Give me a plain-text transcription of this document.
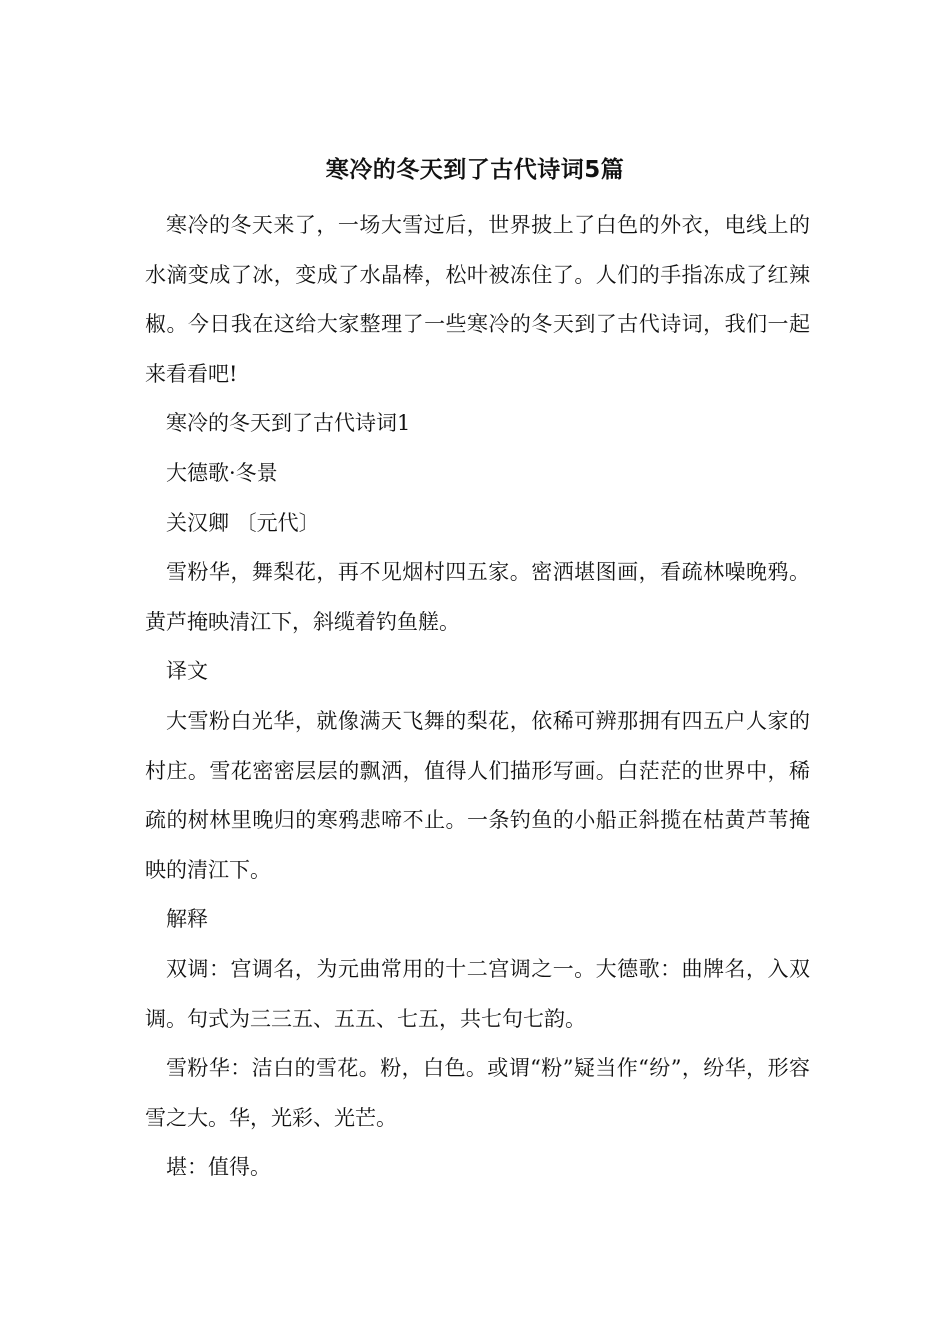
寒冷的冬天到了古代诗词5篇

寒冷的冬天来了，一场大雪过后，世界披上了白色的外衣，电线上的水滴变成了冰，变成了水晶棒，松叶被冻住了。人们的手指冻成了红辣椒。今日我在这给大家整理了一些寒冷的冬天到了古代诗词，我们一起来看看吧!

寒冷的冬天到了古代诗词1

大德歌·冬景

关汉卿 〔元代〕

雪粉华，舞梨花，再不见烟村四五家。密洒堪图画，看疏林噪晚鸦。黄芦掩映清江下，斜缆着钓鱼艖。

译文

大雪粉白光华，就像满天飞舞的梨花，依稀可辨那拥有四五户人家的村庄。雪花密密层层的飘洒，值得人们描形写画。白茫茫的世界中，稀疏的树林里晚归的寒鸦悲啼不止。一条钓鱼的小船正斜揽在枯黄芦苇掩映的清江下。

解释

双调：宫调名，为元曲常用的十二宫调之一。大德歌：曲牌名，入双调。句式为三三五、五五、七五，共七句七韵。

雪粉华：洁白的雪花。粉，白色。或谓“粉”疑当作“纷”，纷华，形容雪之大。华，光彩、光芒。

堪：值得。
